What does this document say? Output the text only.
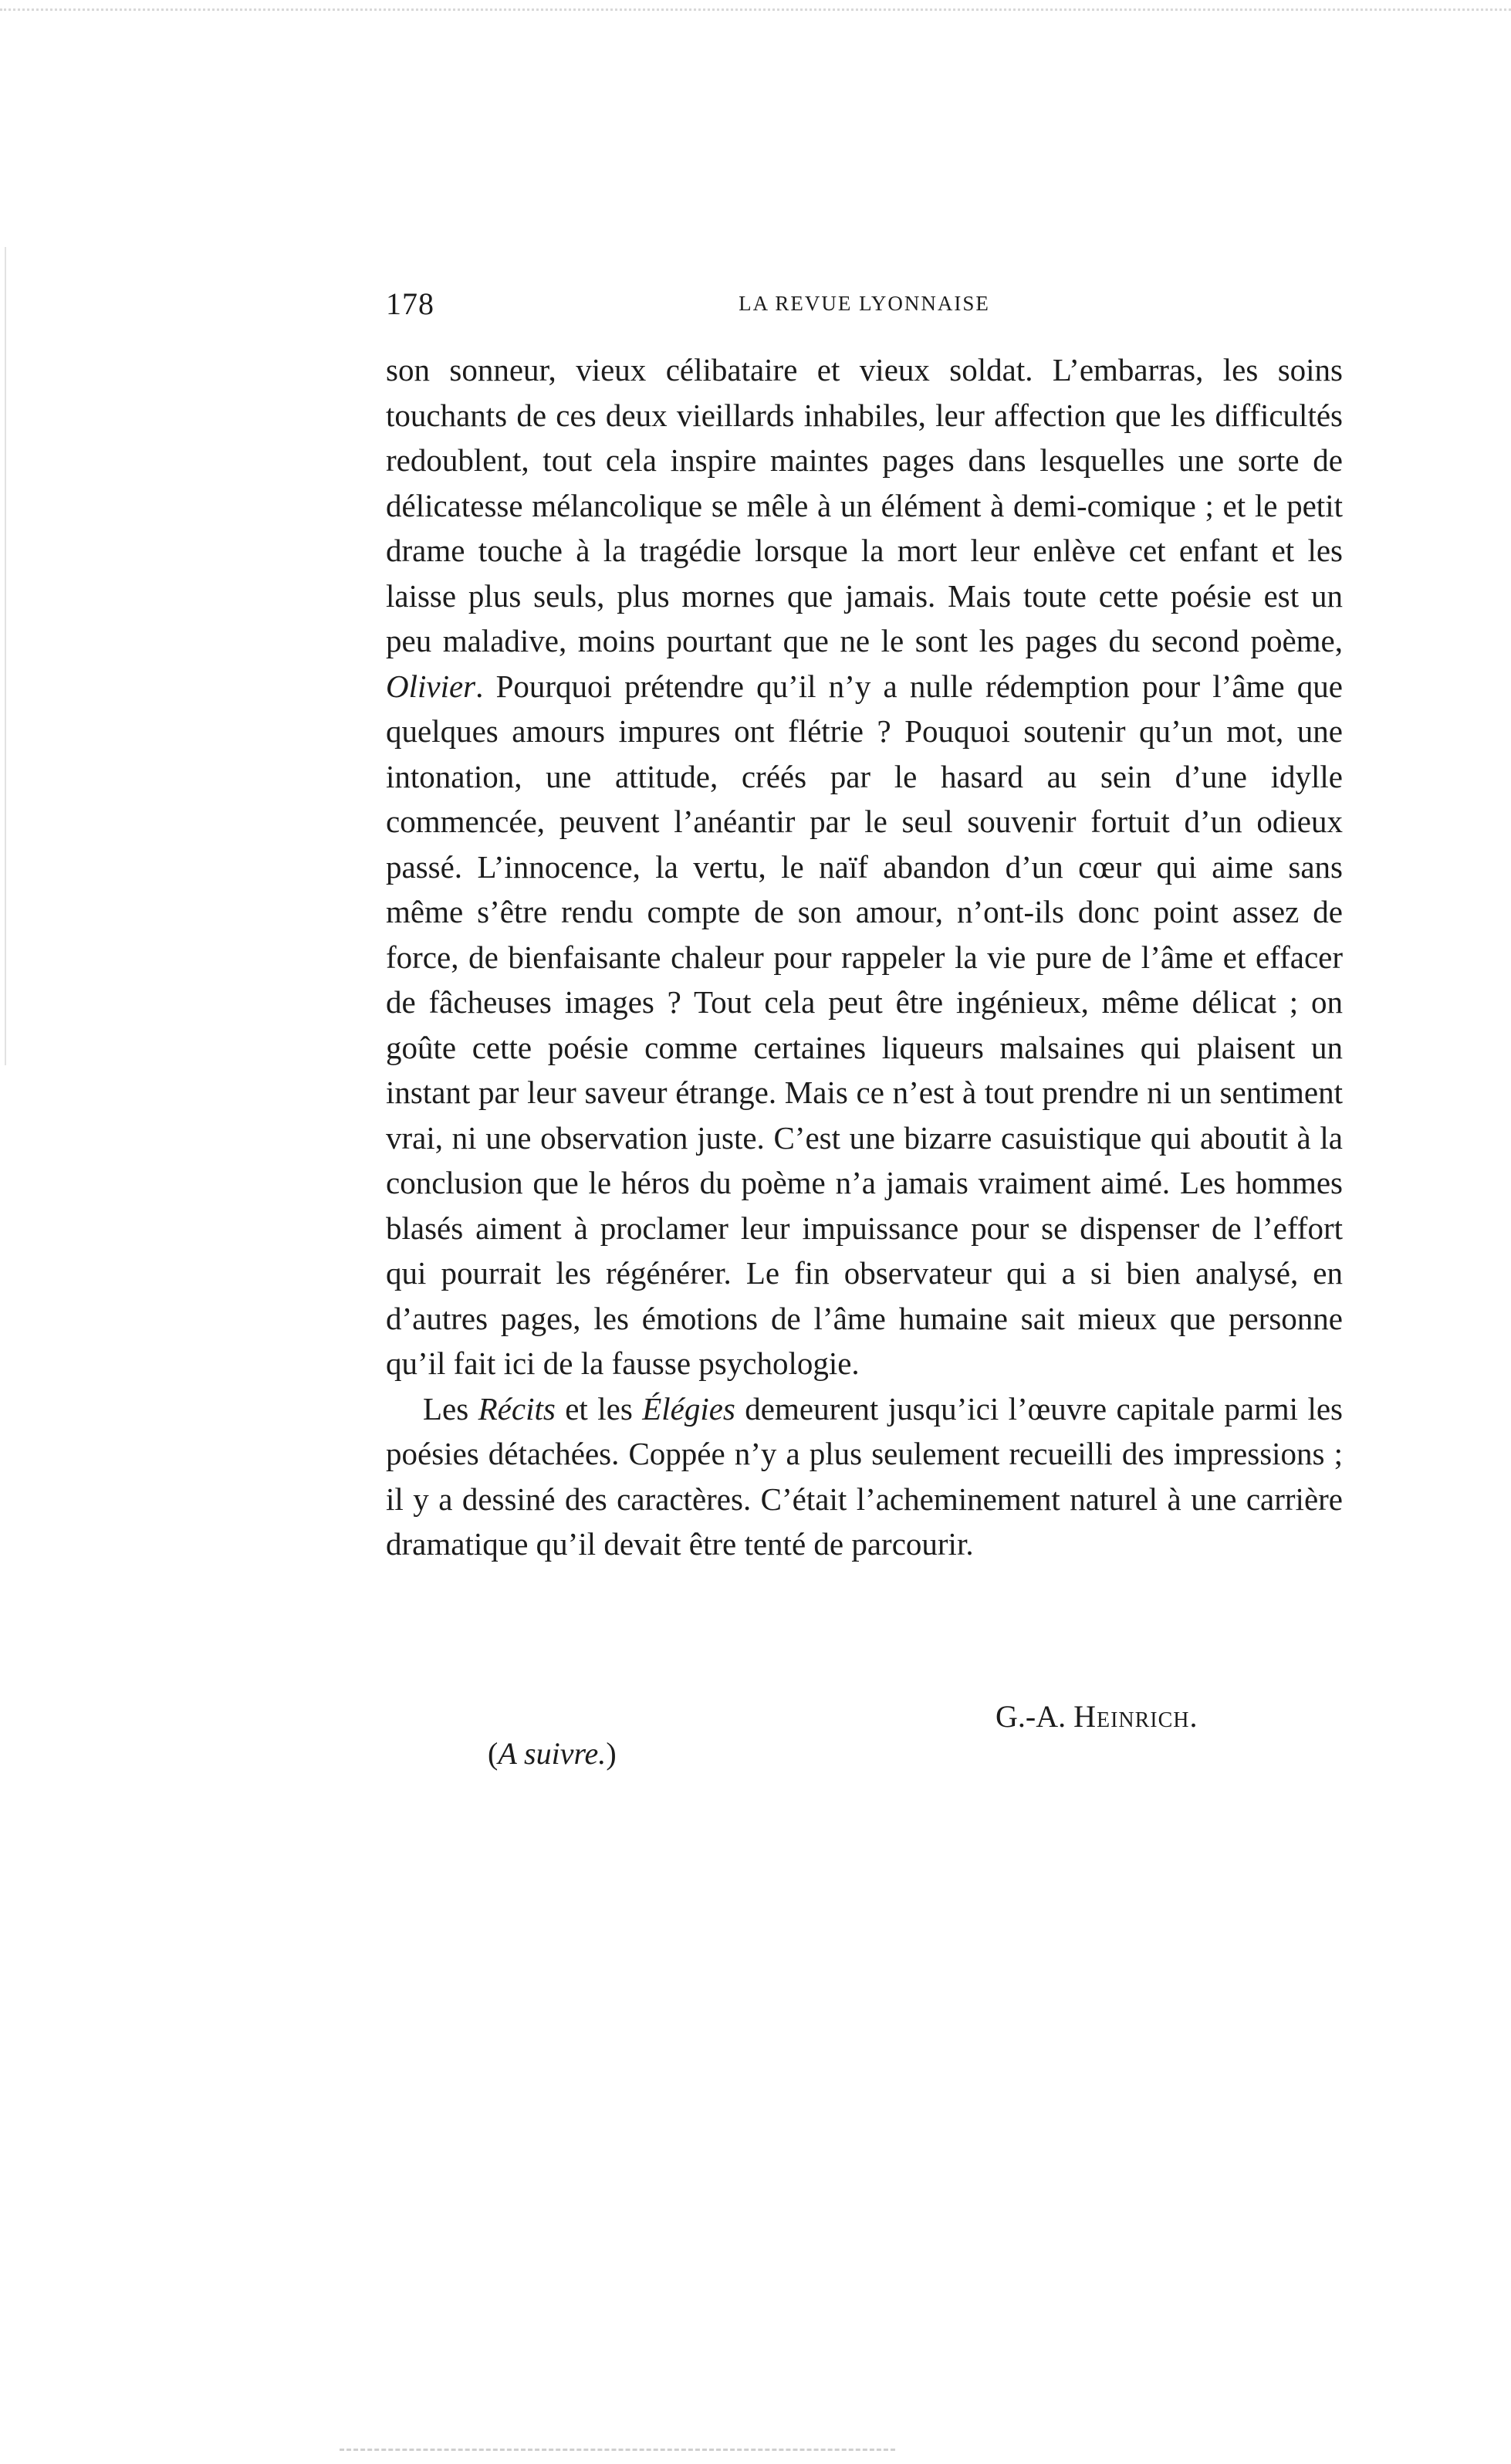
178	LA REVUE LYONNAISE

son sonneur, vieux célibataire et vieux soldat. L’embarras, les soins touchants de ces deux vieillards inhabiles, leur affection que les difficultés redoublent, tout cela inspire maintes pages dans lesquelles une sorte de délicatesse mélancolique se mêle à un élément à demi-comique ; et le petit drame touche à la tragédie lorsque la mort leur enlève cet enfant et les laisse plus seuls, plus mornes que jamais. Mais toute cette poésie est un peu maladive, moins pourtant que ne le sont les pages du second poème, Olivier. Pourquoi prétendre qu’il n’y a nulle rédemption pour l’âme que quelques amours impures ont flétrie ? Pouquoi soutenir qu’un mot, une intonation, une attitude, créés par le hasard au sein d’une idylle commencée, peuvent l’anéantir par le seul souvenir fortuit d’un odieux passé. L’innocence, la vertu, le naïf abandon d’un cœur qui aime sans même s’être rendu compte de son amour, n’ont-ils donc point assez de force, de bienfaisante chaleur pour rappeler la vie pure de l’âme et effacer de fâcheuses images ? Tout cela peut être ingénieux, même délicat ; on goûte cette poésie comme certaines liqueurs malsaines qui plaisent un instant par leur saveur étrange. Mais ce n’est à tout prendre ni un sentiment vrai, ni une observation juste. C’est une bizarre casuistique qui aboutit à la conclusion que le héros du poème n’a jamais vraiment aimé. Les hommes blasés aiment à proclamer leur impuissance pour se dispenser de l’effort qui pourrait les régénérer. Le fin observateur qui a si bien analysé, en d’autres pages, les émotions de l’âme humaine sait mieux que personne qu’il fait ici de la fausse psychologie.

Les Récits et les Élégies demeurent jusqu’ici l’œuvre capitale parmi les poésies détachées. Coppée n’y a plus seulement recueilli des impressions ; il y a dessiné des caractères. C’était l’acheminement naturel à une carrière dramatique qu’il devait être tenté de parcourir.

G.-A. Heinrich.
(A suivre.)
